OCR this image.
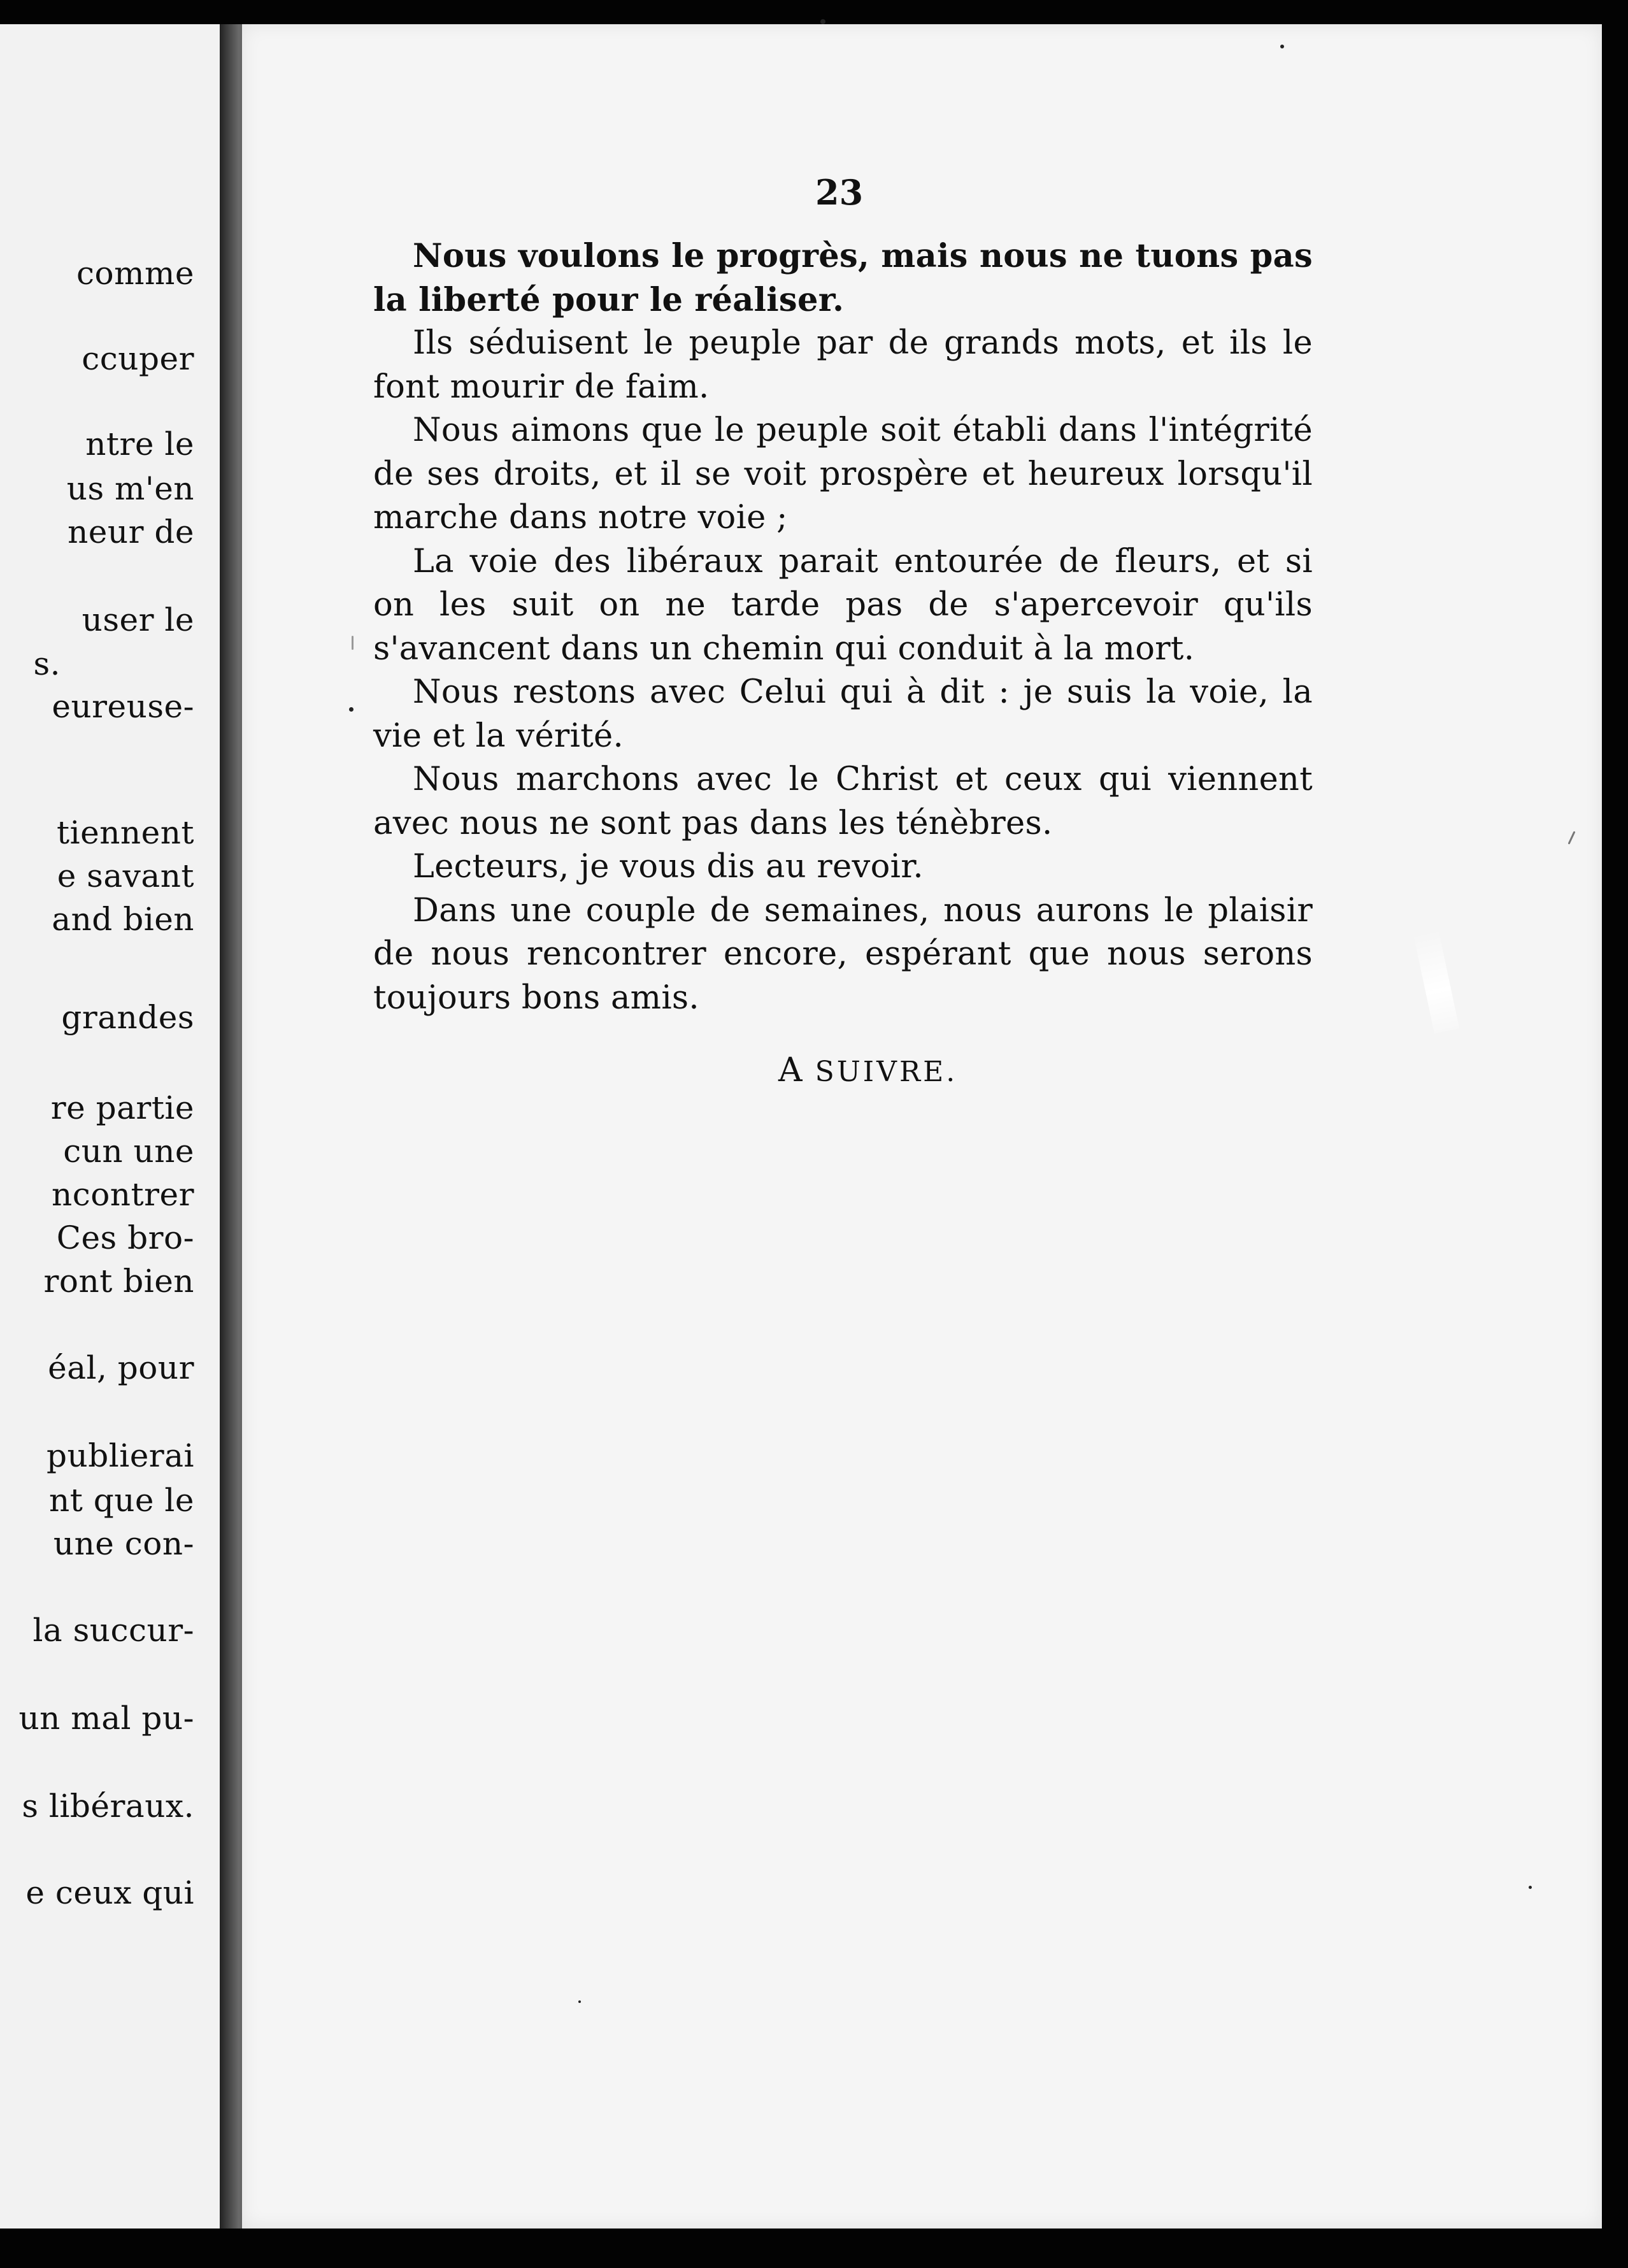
comme
ccuper
ntre le
us m'en
neur de
user le
s.
eureuse-
tiennent
e savant
and bien
grandes
re partie
cun une
ncontrer
Ces bro-
ront bien
éal, pour
publierai
nt que le
une con-
la succur-
un mal pu-
s libéraux.
e ceux qui
23

Nous voulons le progrès, mais nous ne tuons pas la liberté pour le réaliser.

Ils séduisent le peuple par de grands mots, et ils le font mourir de faim.

Nous aimons que le peuple soit établi dans l'intégrité de ses droits, et il se voit prospère et heureux lorsqu'il marche dans notre voie ;

La voie des libéraux parait entourée de fleurs, et si on les suit on ne tarde pas de s'apercevoir qu'ils s'avancent dans un chemin qui conduit à la mort.

Nous restons avec Celui qui à dit : je suis la voie, la vie et la vérité.

Nous marchons avec le Christ et ceux qui viennent avec nous ne sont pas dans les ténèbres.

Lecteurs, je vous dis au revoir.

Dans une couple de semaines, nous aurons le plaisir de nous rencontrer encore, espérant que nous serons toujours bons amis.

A SUIVRE.
